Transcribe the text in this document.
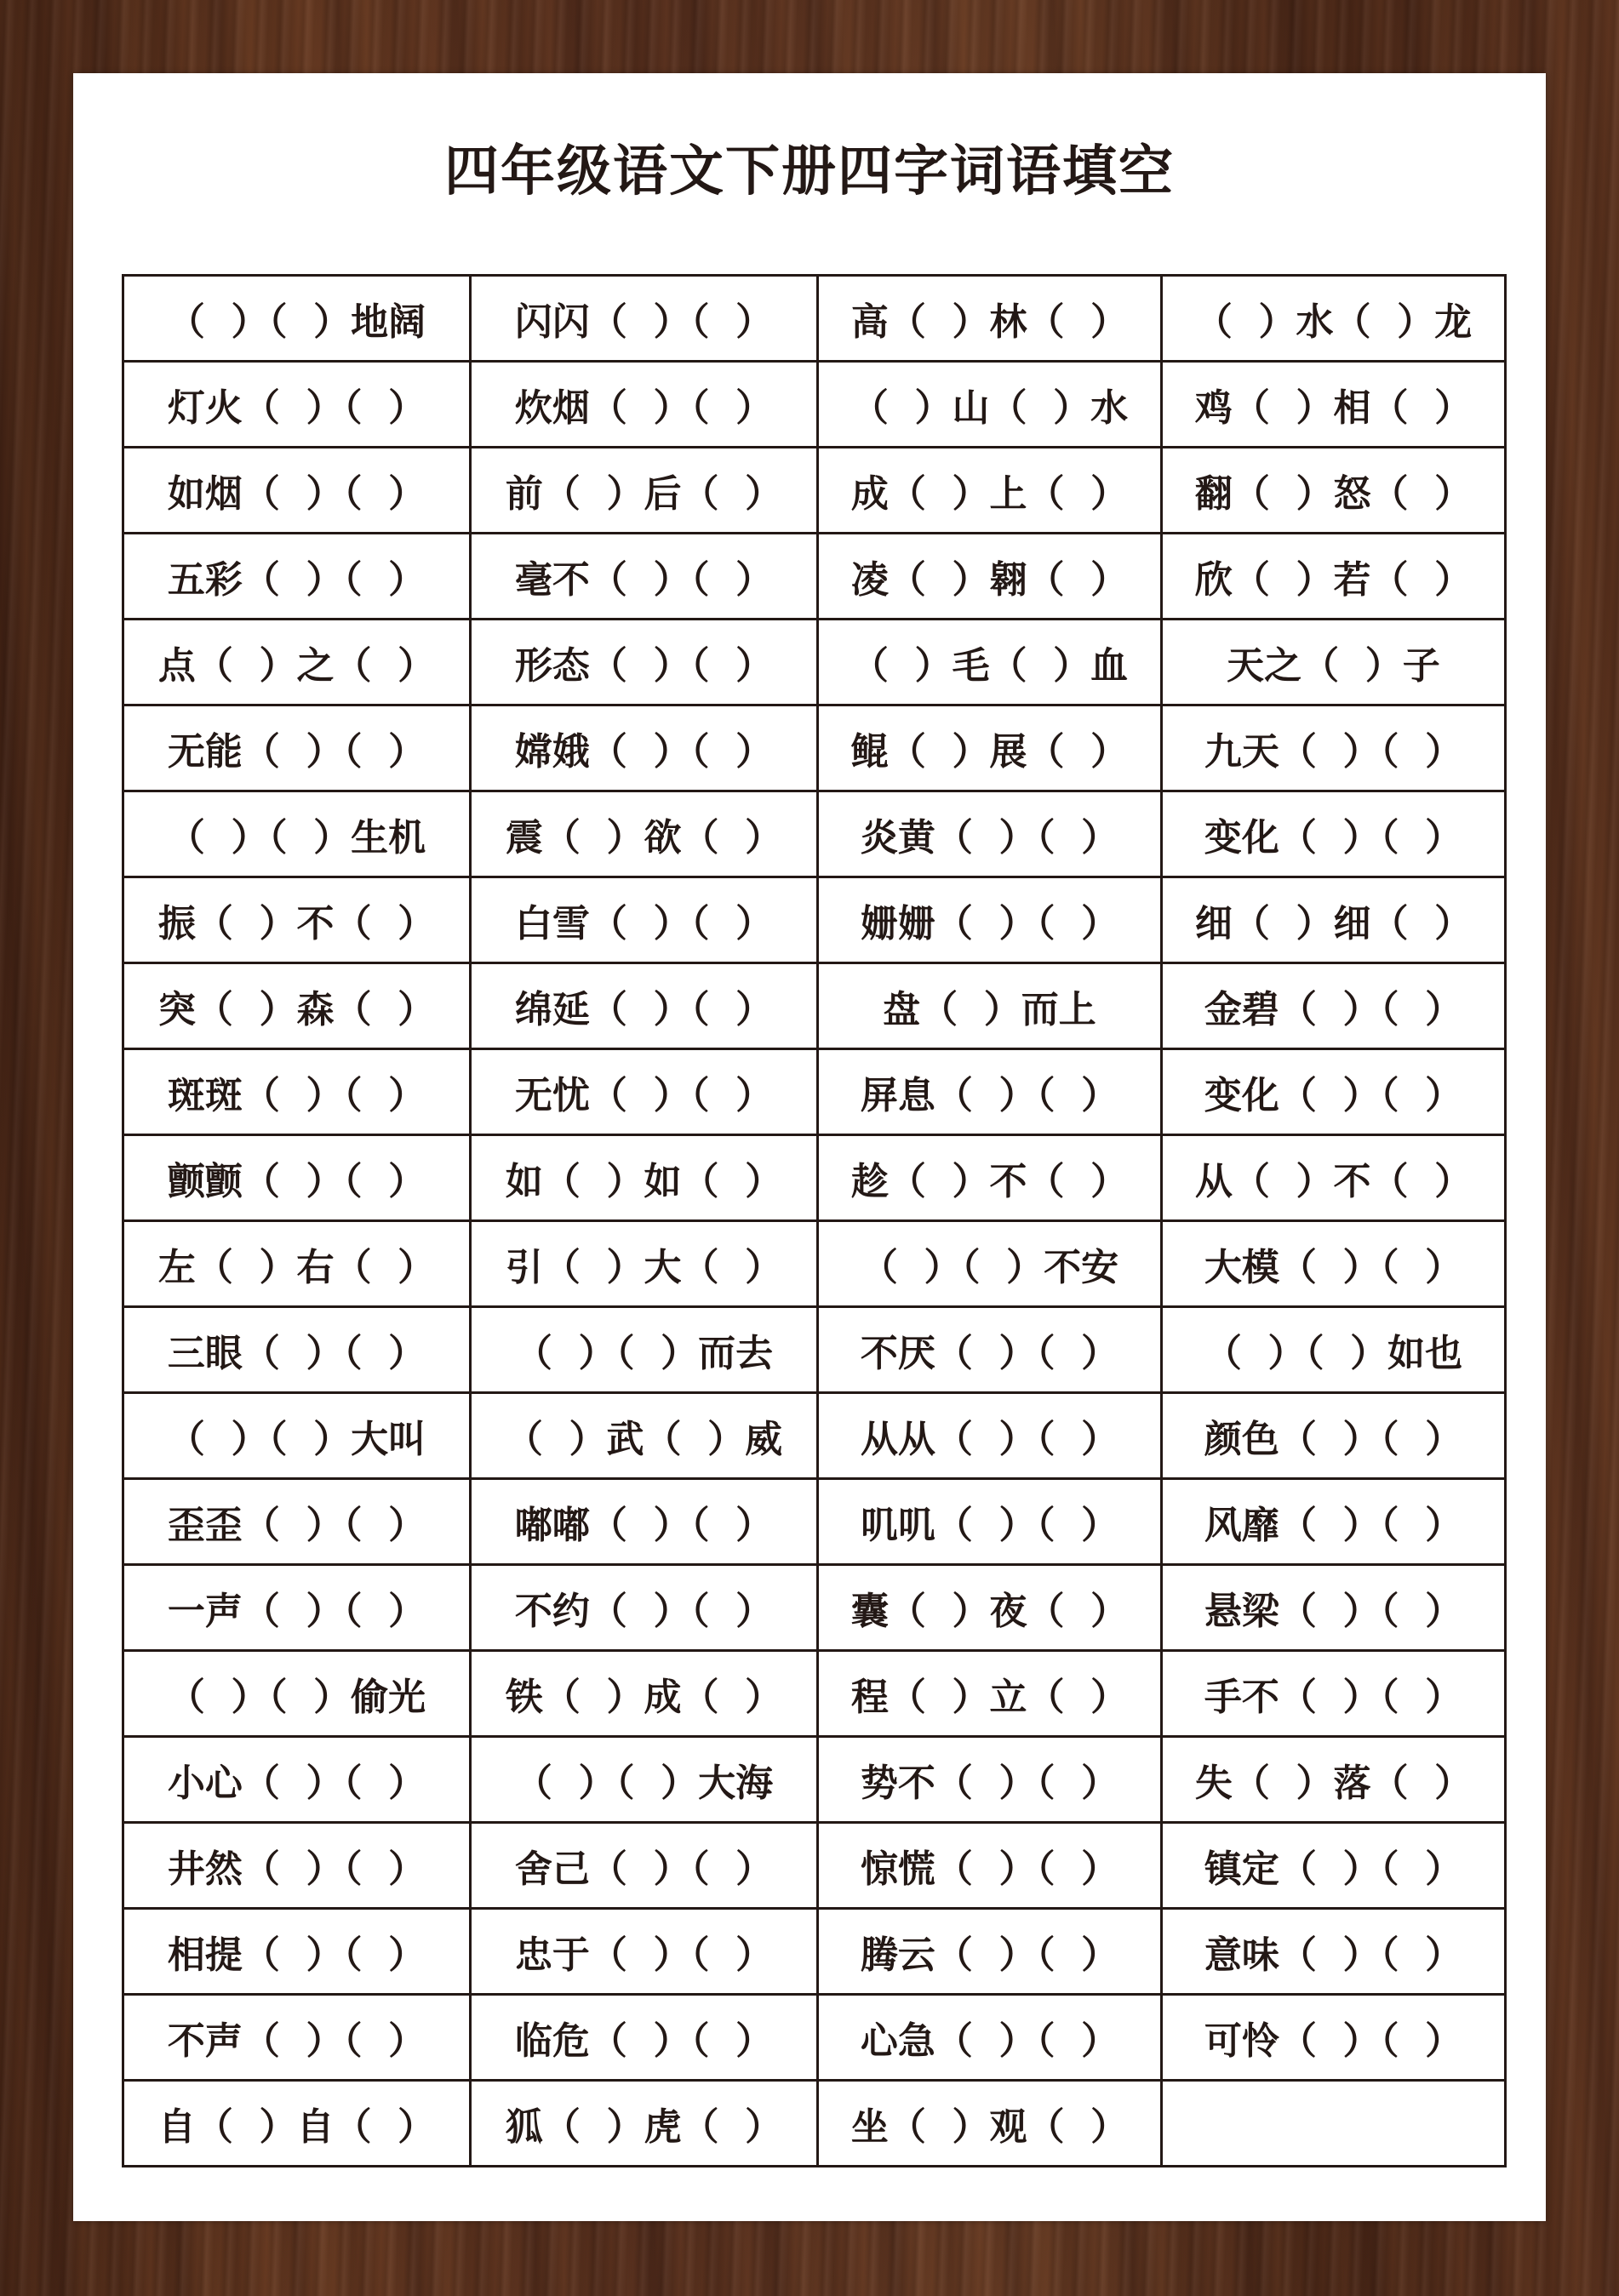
四年级语文下册四字词语填空
（  ）（  ）地阔	闪闪（  ）（  ）	高（  ）林（  ）	（  ）水（  ）龙
灯火（  ）（  ）	炊烟（  ）（  ）	（  ）山（  ）水	鸡（  ）相（  ）
如烟（  ）（  ）	前（  ）后（  ）	成（  ）上（  ）	翻（  ）怒（  ）
五彩（  ）（  ）	毫不（  ）（  ）	凌（  ）翱（  ）	欣（  ）若（  ）
点（  ）之（  ）	形态（  ）（  ）	（  ）毛（  ）血	天之（  ）子
无能（  ）（  ）	嫦娥（  ）（  ）	鲲（  ）展（  ）	九天（  ）（  ）
（  ）（  ）生机	震（  ）欲（  ）	炎黄（  ）（  ）	变化（  ）（  ）
振（  ）不（  ）	白雪（  ）（  ）	姗姗（  ）（  ）	细（  ）细（  ）
突（  ）森（  ）	绵延（  ）（  ）	盘（  ）而上	金碧（  ）（  ）
斑斑（  ）（  ）	无忧（  ）（  ）	屏息（  ）（  ）	变化（  ）（  ）
颤颤（  ）（  ）	如（  ）如（  ）	趁（  ）不（  ）	从（  ）不（  ）
左（  ）右（  ）	引（  ）大（  ）	（  ）（  ）不安	大模（  ）（  ）
三眼（  ）（  ）	（  ）（  ）而去	不厌（  ）（  ）	（  ）（  ）如也
（  ）（  ）大叫	（  ）武（  ）威	从从（  ）（  ）	颜色（  ）（  ）
歪歪（  ）（  ）	嘟嘟（  ）（  ）	叽叽（  ）（  ）	风靡（  ）（  ）
一声（  ）（  ）	不约（  ）（  ）	囊（  ）夜（  ）	悬梁（  ）（  ）
（  ）（  ）偷光	铁（  ）成（  ）	程（  ）立（  ）	手不（  ）（  ）
小心（  ）（  ）	（  ）（  ）大海	势不（  ）（  ）	失（  ）落（  ）
井然（  ）（  ）	舍己（  ）（  ）	惊慌（  ）（  ）	镇定（  ）（  ）
相提（  ）（  ）	忠于（  ）（  ）	腾云（  ）（  ）	意味（  ）（  ）
不声（  ）（  ）	临危（  ）（  ）	心急（  ）（  ）	可怜（  ）（  ）
自（  ）自（  ）	狐（  ）虎（  ）	坐（  ）观（  ）	
